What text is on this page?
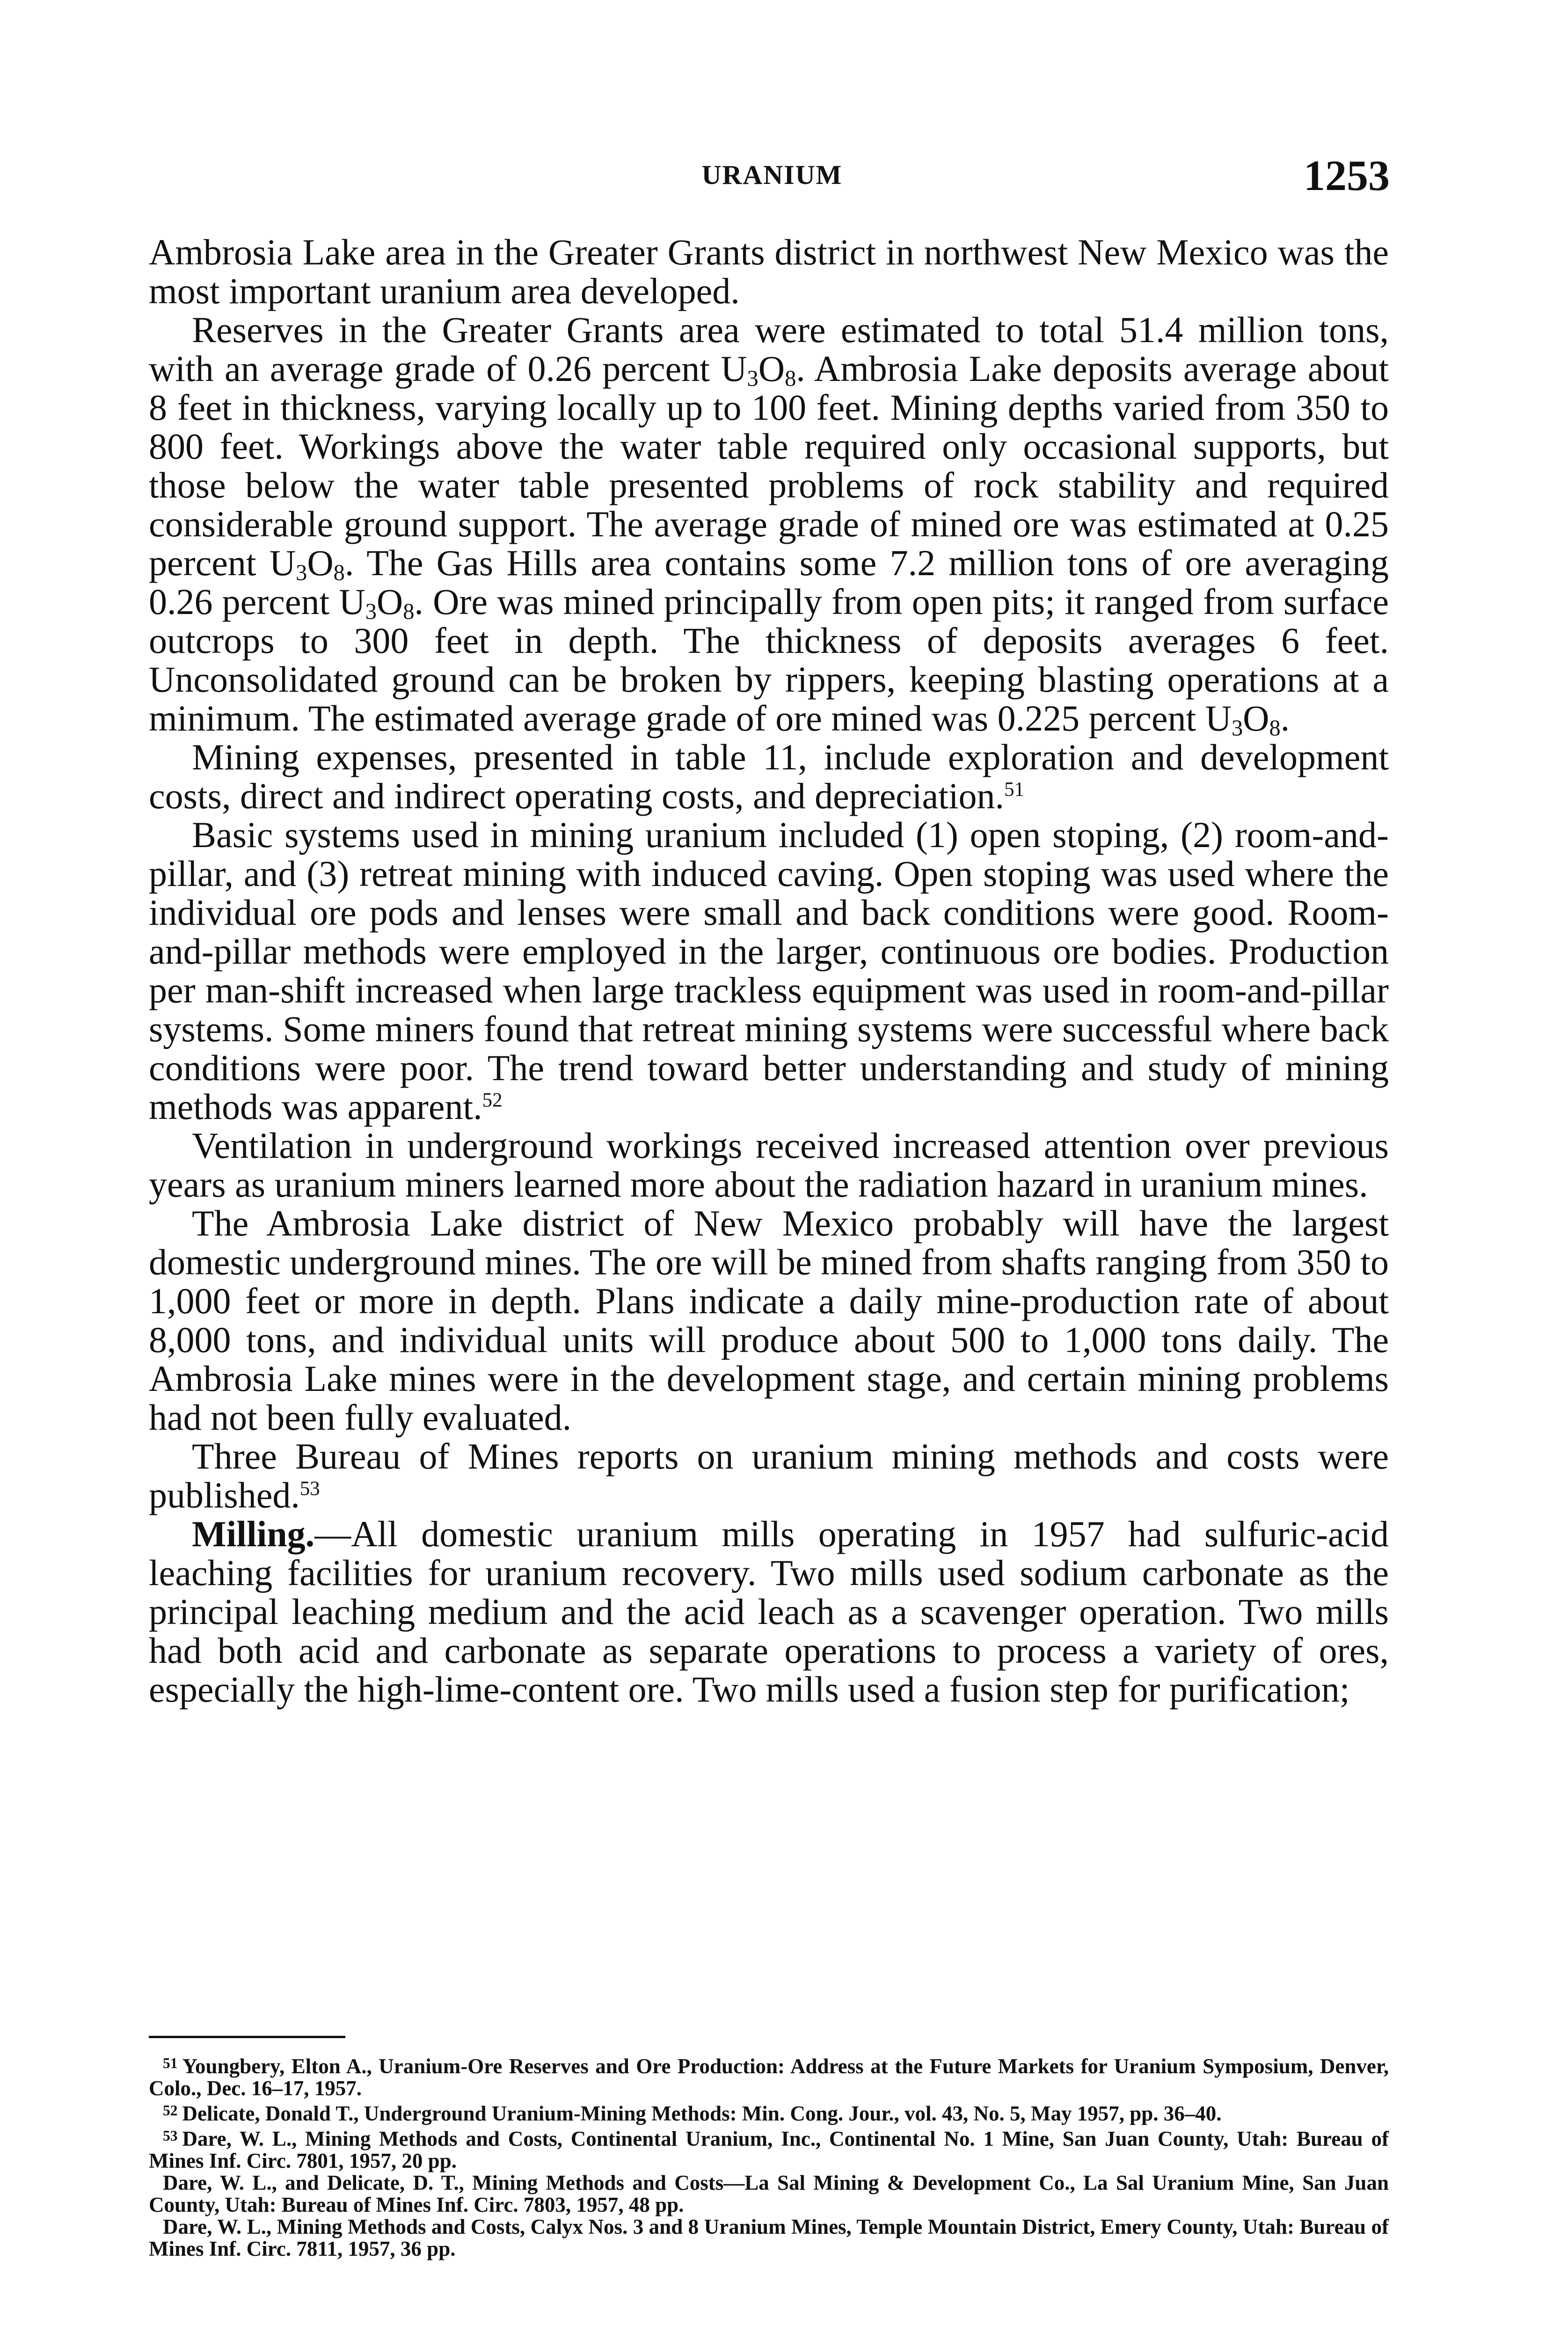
URANIUM	1253

Ambrosia Lake area in the Greater Grants district in northwest New Mexico was the most important uranium area developed.

Reserves in the Greater Grants area were estimated to total 51.4 million tons, with an average grade of 0.26 percent $U_3O_8$. Ambrosia Lake deposits average about 8 feet in thickness, varying locally up to 100 feet. Mining depths varied from 350 to 800 feet. Workings above the water table required only occasional supports, but those below the water table presented problems of rock stability and required considerable ground support. The average grade of mined ore was estimated at 0.25 percent $U_3O_8$. The Gas Hills area contains some 7.2 million tons of ore averaging 0.26 percent $U_3O_8$. Ore was mined principally from open pits; it ranged from surface outcrops to 300 feet in depth. The thickness of deposits averages 6 feet. Unconsolidated ground can be broken by rippers, keeping blasting operations at a minimum. The estimated average grade of ore mined was 0.225 percent $U_3O_8$.

Mining expenses, presented in table 11, include exploration and development costs, direct and indirect operating costs, and depreciation.$^{51}$

Basic systems used in mining uranium included (1) open stoping, (2) room-and-pillar, and (3) retreat mining with induced caving. Open stoping was used where the individual ore pods and lenses were small and back conditions were good. Room-and-pillar methods were employed in the larger, continuous ore bodies. Production per man-shift increased when large trackless equipment was used in room-and-pillar systems. Some miners found that retreat mining systems were successful where back conditions were poor. The trend toward better understanding and study of mining methods was apparent.$^{52}$

Ventilation in underground workings received increased attention over previous years as uranium miners learned more about the radiation hazard in uranium mines.

The Ambrosia Lake district of New Mexico probably will have the largest domestic underground mines. The ore will be mined from shafts ranging from 350 to 1,000 feet or more in depth. Plans indicate a daily mine-production rate of about 8,000 tons, and individual units will produce about 500 to 1,000 tons daily. The Ambrosia Lake mines were in the development stage, and certain mining problems had not been fully evaluated.

Three Bureau of Mines reports on uranium mining methods and costs were published.$^{53}$

Milling.—All domestic uranium mills operating in 1957 had sulfuric-acid leaching facilities for uranium recovery. Two mills used sodium carbonate as the principal leaching medium and the acid leach as a scavenger operation. Two mills had both acid and carbonate as separate operations to process a variety of ores, especially the high-lime-content ore. Two mills used a fusion step for purification;

$^{51}$ Youngbery, Elton A., Uranium-Ore Reserves and Ore Production: Address at the Future Markets for Uranium Symposium, Denver, Colo., Dec. 16–17, 1957.

$^{52}$ Delicate, Donald T., Underground Uranium-Mining Methods: Min. Cong. Jour., vol. 43, No. 5, May 1957, pp. 36–40.

$^{53}$ Dare, W. L., Mining Methods and Costs, Continental Uranium, Inc., Continental No. 1 Mine, San Juan County, Utah: Bureau of Mines Inf. Circ. 7801, 1957, 20 pp.

Dare, W. L., and Delicate, D. T., Mining Methods and Costs—La Sal Mining & Development Co., La Sal Uranium Mine, San Juan County, Utah: Bureau of Mines Inf. Circ. 7803, 1957, 48 pp.

Dare, W. L., Mining Methods and Costs, Calyx Nos. 3 and 8 Uranium Mines, Temple Mountain District, Emery County, Utah: Bureau of Mines Inf. Circ. 7811, 1957, 36 pp.
